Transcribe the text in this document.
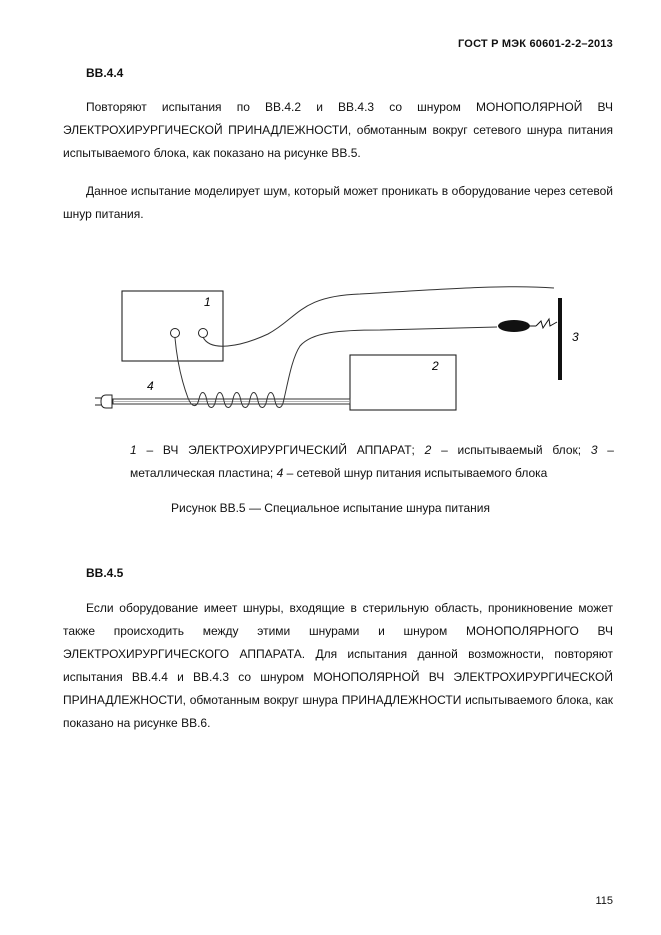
ГОСТ Р МЭК 60601-2-2–2013
ВВ.4.4

Повторяют испытания по ВВ.4.2 и ВВ.4.3 со шнуром МОНОПОЛЯРНОЙ ВЧ ЭЛЕКТРОХИРУРГИЧЕСКОЙ ПРИНАДЛЕЖНОСТИ, обмотанным вокруг сетевого шнура питания испытываемого блока, как показано на рисунке ВВ.5.

Данное испытание моделирует шум, который может проникать в оборудование через сетевой шнур питания.

1
2
3
4
1 – ВЧ ЭЛЕКТРОХИРУРГИЧЕСКИЙ АППАРАТ; 2 – испытываемый блок; 3 – металлическая пластина; 4 – сетевой шнур питания испытываемого блока
Рисунок ВВ.5 — Специальное испытание шнура питания
ВВ.4.5

Если оборудование имеет шнуры, входящие в стерильную область, проникновение может также происходить между этими шнурами и шнуром МОНОПОЛЯРНОГО ВЧ ЭЛЕКТРОХИРУРГИЧЕСКОГО АППАРАТА. Для испытания данной возможности, повторяют испытания ВВ.4.4 и ВВ.4.3 со шнуром МОНОПОЛЯРНОЙ ВЧ ЭЛЕКТРОХИРУРГИЧЕСКОЙ ПРИНАДЛЕЖНОСТИ, обмотанным вокруг шнура ПРИНАДЛЕЖНОСТИ испытываемого блока, как показано на рисунке ВВ.6.

115
